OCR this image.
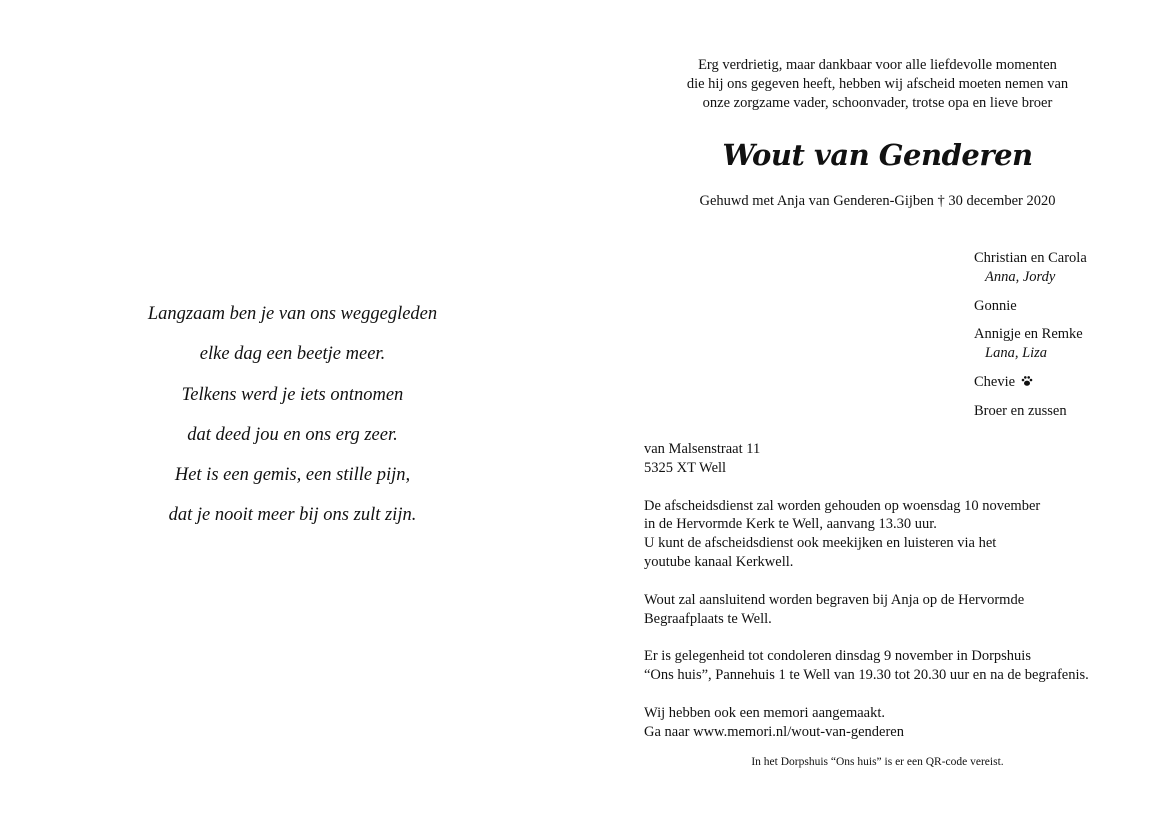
Langzaam ben je van ons weggegleden
elke dag een beetje meer.
Telkens werd je iets ontnomen
dat deed jou en ons erg zeer.
Het is een gemis, een stille pijn,
dat je nooit meer bij ons zult zijn.
Erg verdrietig, maar dankbaar voor alle liefdevolle momenten
die hij ons gegeven heeft, hebben wij afscheid moeten nemen van
onze zorgzame vader, schoonvader, trotse opa en lieve broer
Wout van Genderen
Gehuwd met Anja van Genderen-Gijben † 30 december 2020
Christian en Carola
Anna, Jordy
Gonnie
Annigje en Remke
Lana, Liza
Chevie
Broer en zussen
van Malsenstraat 11
5325 XT Well
De afscheidsdienst zal worden gehouden op woensdag 10 november
in de Hervormde Kerk te Well, aanvang 13.30 uur.
U kunt de afscheidsdienst ook meekijken en luisteren via het
youtube kanaal Kerkwell.
Wout zal aansluitend worden begraven bij Anja op de Hervormde
Begraafplaats te Well.
Er is gelegenheid tot condoleren dinsdag 9 november in Dorpshuis
“Ons huis”, Pannehuis 1 te Well van 19.30 tot 20.30 uur en na de begrafenis.
Wij hebben ook een memori aangemaakt.
Ga naar www.memori.nl/wout-van-genderen
In het Dorpshuis “Ons huis” is er een QR-code vereist.
